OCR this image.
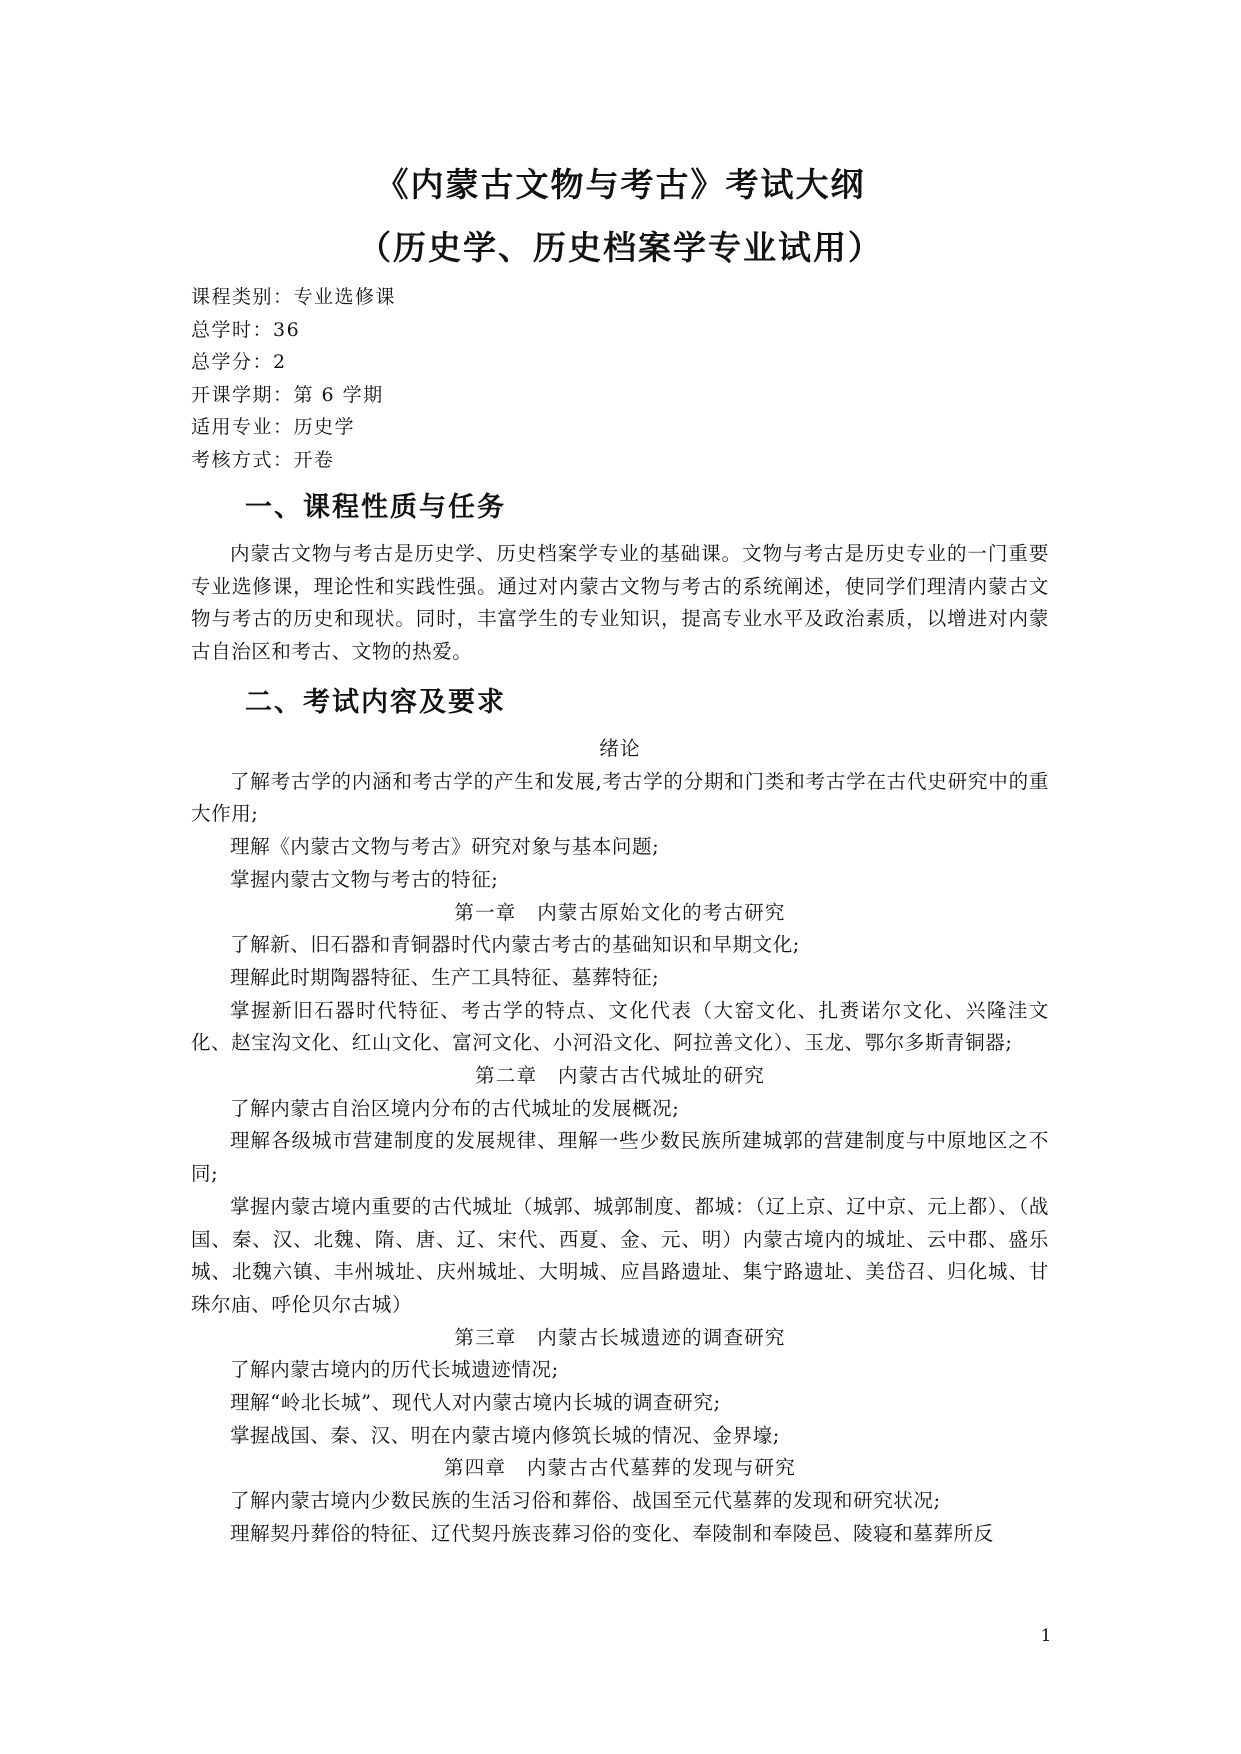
《内蒙古文物与考古》考试大纲
（历史学、历史档案学专业试用）
课程类别：专业选修课
总学时：36
总学分：2
开课学期：第 6 学期
适用专业：历史学
考核方式：开卷
一、课程性质与任务

内蒙古文物与考古是历史学、历史档案学专业的基础课。文物与考古是历史专业的一门重要专业选修课，理论性和实践性强。通过对内蒙古文物与考古的系统阐述，使同学们理清内蒙古文物与考古的历史和现状。同时，丰富学生的专业知识，提高专业水平及政治素质，以增进对内蒙古自治区和考古、文物的热爱。

二、考试内容及要求

绪论

了解考古学的内涵和考古学的产生和发展,考古学的分期和门类和考古学在古代史研究中的重大作用;

理解《内蒙古文物与考古》研究对象与基本问题;

掌握内蒙古文物与考古的特征;

第一章　内蒙古原始文化的考古研究

了解新、旧石器和青铜器时代内蒙古考古的基础知识和早期文化;

理解此时期陶器特征、生产工具特征、墓葬特征;

掌握新旧石器时代特征、考古学的特点、文化代表（大窑文化、扎赉诺尔文化、兴隆洼文化、赵宝沟文化、红山文化、富河文化、小河沿文化、阿拉善文化）、玉龙、鄂尔多斯青铜器;

第二章　内蒙古古代城址的研究

了解内蒙古自治区境内分布的古代城址的发展概况;

理解各级城市营建制度的发展规律、理解一些少数民族所建城郭的营建制度与中原地区之不同;

掌握内蒙古境内重要的古代城址（城郭、城郭制度、都城：（辽上京、辽中京、元上都）、（战国、秦、汉、北魏、隋、唐、辽、宋代、西夏、金、元、明）内蒙古境内的城址、云中郡、盛乐城、北魏六镇、丰州城址、庆州城址、大明城、应昌路遗址、集宁路遗址、美岱召、归化城、甘珠尔庙、呼伦贝尔古城）

第三章　内蒙古长城遗迹的调查研究

了解内蒙古境内的历代长城遗迹情况;

理解“岭北长城”、现代人对内蒙古境内长城的调查研究;

掌握战国、秦、汉、明在内蒙古境内修筑长城的情况、金界壕;

第四章　内蒙古古代墓葬的发现与研究

了解内蒙古境内少数民族的生活习俗和葬俗、战国至元代墓葬的发现和研究状况;

理解契丹葬俗的特征、辽代契丹族丧葬习俗的变化、奉陵制和奉陵邑、陵寝和墓葬所反

1
